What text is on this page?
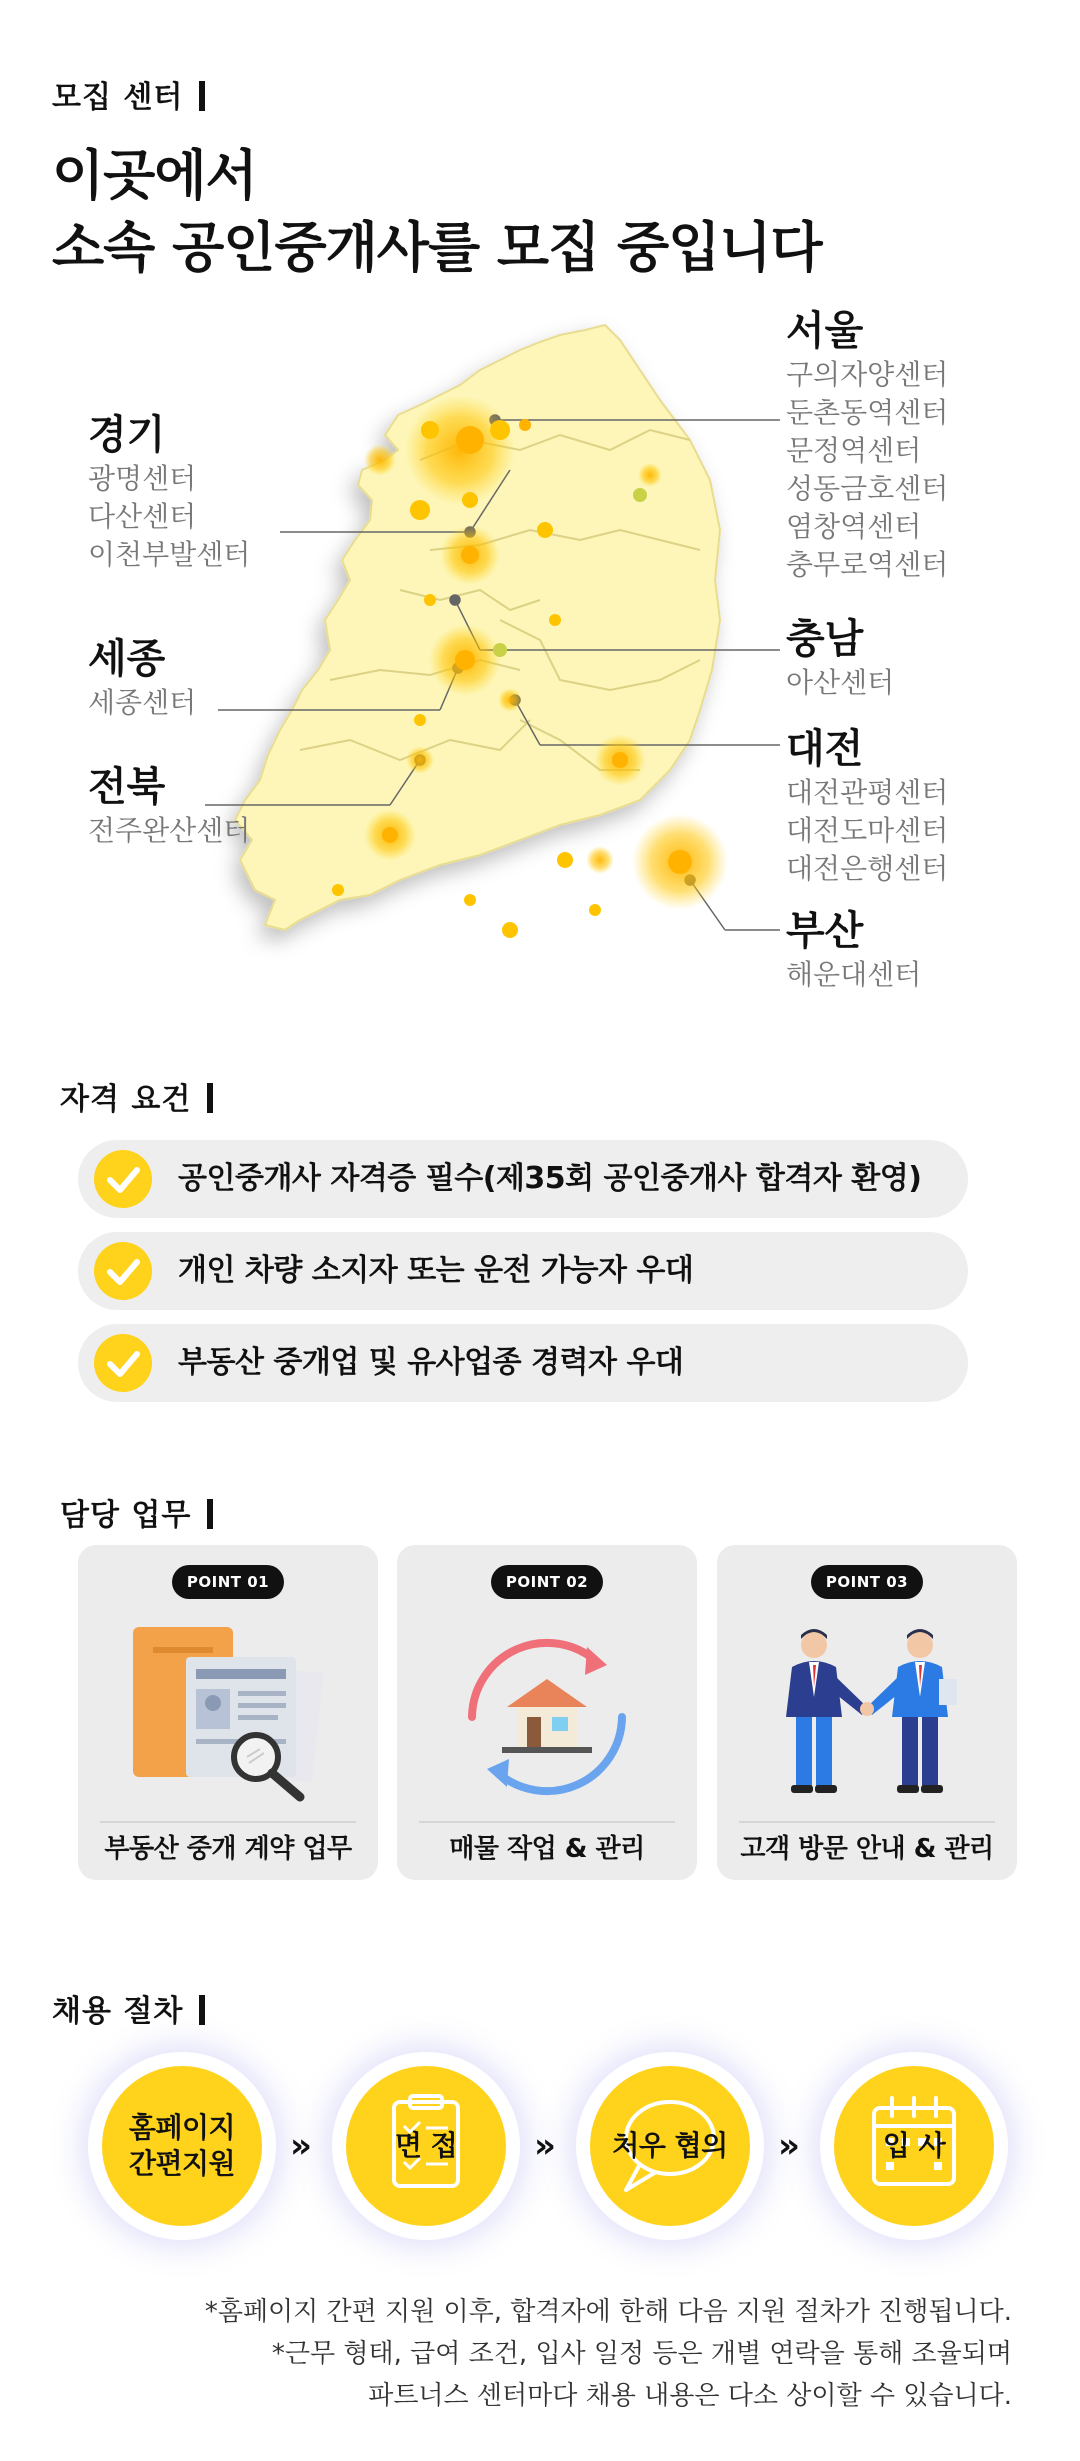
모집 센터
이곳에서
소속 공인중개사를 모집 중입니다
서울
구의자양센터
둔촌동역센터
문정역센터
성동금호센터
염창역센터
충무로역센터
경기
광명센터
다산센터
이천부발센터
세종
세종센터
전북
전주완산센터
충남
아산센터
대전
대전관평센터
대전도마센터
대전은행센터
부산
해운대센터
자격 요건
공인중개사 자격증 필수(제35회 공인중개사 합격자 환영)
개인 차량 소지자 또는 운전 가능자 우대
부동산 중개업 및 유사업종 경력자 우대
담당 업무
POINT 01
부동산 중개 계약 업무
POINT 02
매물 작업 & 관리
POINT 03
고객 방문 안내 & 관리
채용 절차
홈페이지
간편지원	»	면 접	»	처우 협의	»	입 사
*홈페이지 간편 지원 이후, 합격자에 한해 다음 지원 절차가 진행됩니다.
*근무 형태, 급여 조건, 입사 일정 등은 개별 연락을 통해 조율되며
파트너스 센터마다 채용 내용은 다소 상이할 수 있습니다.
